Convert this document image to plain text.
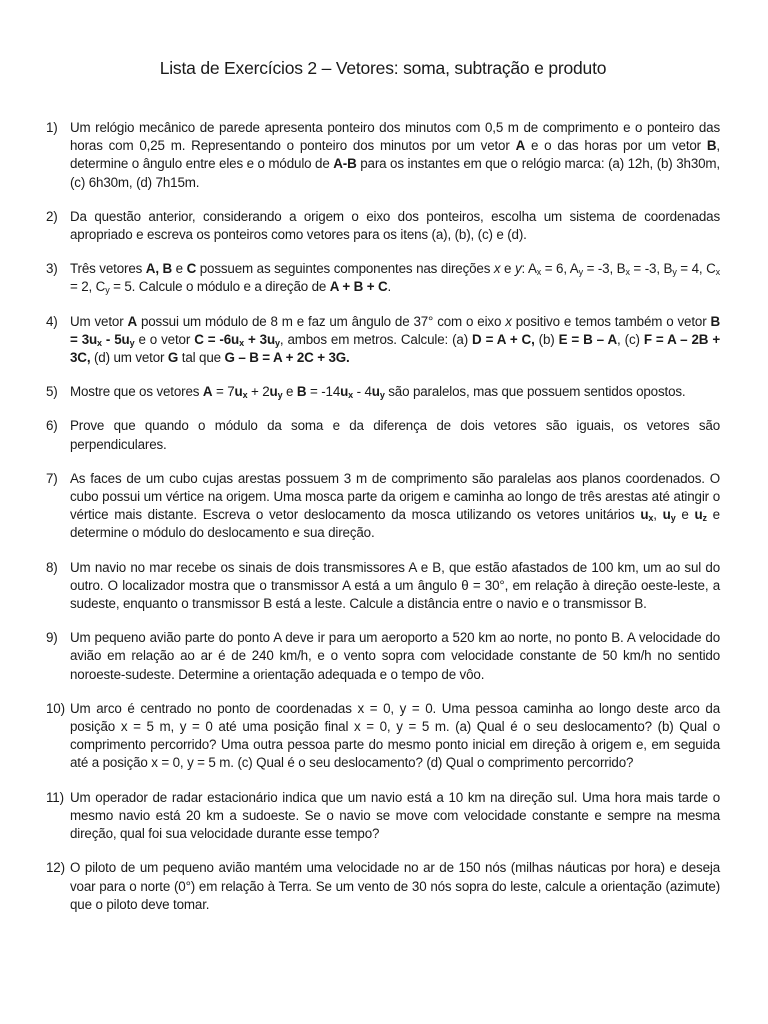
Lista de Exercícios 2 – Vetores: soma, subtração e produto
1) Um relógio mecânico de parede apresenta ponteiro dos minutos com 0,5 m de comprimento e o ponteiro das horas com 0,25 m. Representando o ponteiro dos minutos por um vetor A e o das horas por um vetor B, determine o ângulo entre eles e o módulo de A-B para os instantes em que o relógio marca: (a) 12h, (b) 3h30m, (c) 6h30m, (d) 7h15m.
2) Da questão anterior, considerando a origem o eixo dos ponteiros, escolha um sistema de coordenadas apropriado e escreva os ponteiros como vetores para os itens (a), (b), (c) e (d).
3) Três vetores A, B e C possuem as seguintes componentes nas direções x e y: $A_x = 6$, $A_y = -3$, $B_x = -3$, $B_y = 4$, $C_x = 2$, $C_y = 5$. Calcule o módulo e a direção de A + B + C.
4) Um vetor A possui um módulo de 8 m e faz um ângulo de 37° com o eixo x positivo e temos também o vetor $B = 3u_x - 5u_y$ e o vetor $C = -6u_x + 3u_y$, ambos em metros. Calcule: (a) D = A + C, (b) E = B – A, (c) F = A – 2B + 3C, (d) um vetor G tal que G – B = A + 2C + 3G.
5) Mostre que os vetores $A = 7u_x + 2u_y$ e $B = -14u_x - 4u_y$ são paralelos, mas que possuem sentidos opostos.
6) Prove que quando o módulo da soma e da diferença de dois vetores são iguais, os vetores são perpendiculares.
7) As faces de um cubo cujas arestas possuem 3 m de comprimento são paralelas aos planos coordenados. O cubo possui um vértice na origem. Uma mosca parte da origem e caminha ao longo de três arestas até atingir o vértice mais distante. Escreva o vetor deslocamento da mosca utilizando os vetores unitários $u_x$, $u_y$ e $u_z$ e determine o módulo do deslocamento e sua direção.
8) Um navio no mar recebe os sinais de dois transmissores A e B, que estão afastados de 100 km, um ao sul do outro. O localizador mostra que o transmissor A está a um ângulo θ = 30°, em relação à direção oeste-leste, a sudeste, enquanto o transmissor B está a leste. Calcule a distância entre o navio e o transmissor B.
9) Um pequeno avião parte do ponto A deve ir para um aeroporto a 520 km ao norte, no ponto B. A velocidade do avião em relação ao ar é de 240 km/h, e o vento sopra com velocidade constante de 50 km/h no sentido noroeste-sudeste. Determine a orientação adequada e o tempo de vôo.
10) Um arco é centrado no ponto de coordenadas x = 0, y = 0. Uma pessoa caminha ao longo deste arco da posição x = 5 m, y = 0 até uma posição final x = 0, y = 5 m. (a) Qual é o seu deslocamento? (b) Qual o comprimento percorrido? Uma outra pessoa parte do mesmo ponto inicial em direção à origem e, em seguida até a posição x = 0, y = 5 m. (c) Qual é o seu deslocamento? (d) Qual o comprimento percorrido?
11) Um operador de radar estacionário indica que um navio está a 10 km na direção sul. Uma hora mais tarde o mesmo navio está 20 km a sudoeste. Se o navio se move com velocidade constante e sempre na mesma direção, qual foi sua velocidade durante esse tempo?
12) O piloto de um pequeno avião mantém uma velocidade no ar de 150 nós (milhas náuticas por hora) e deseja voar para o norte (0°) em relação à Terra. Se um vento de 30 nós sopra do leste, calcule a orientação (azimute) que o piloto deve tomar.
